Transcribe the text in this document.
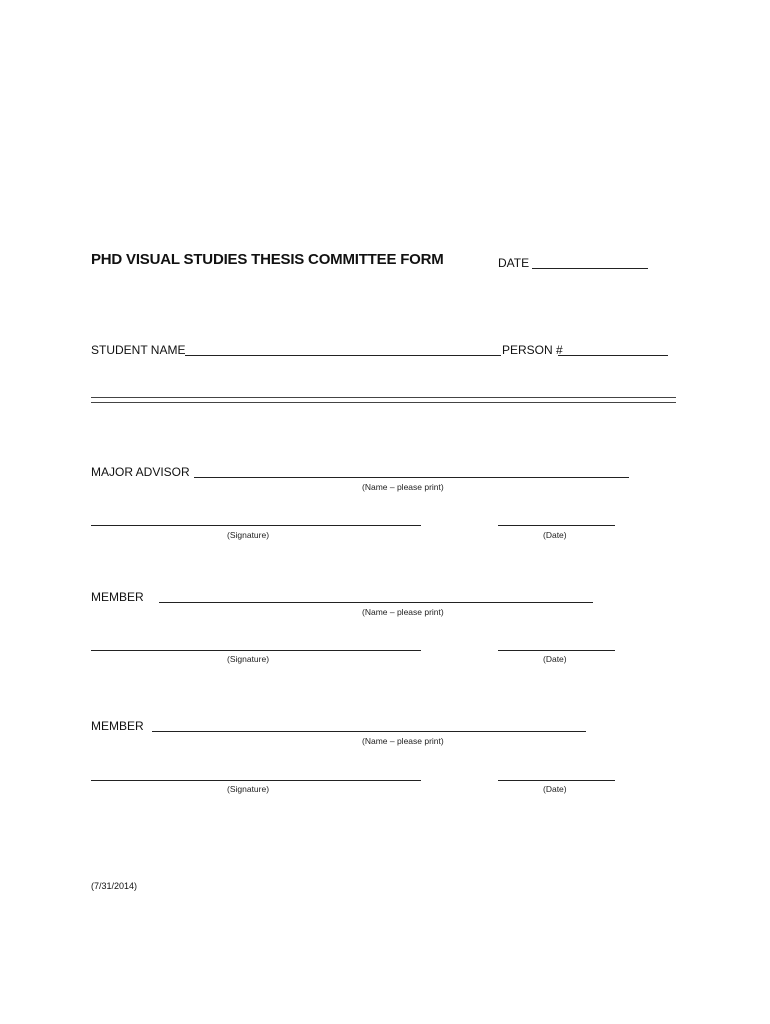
PHD VISUAL STUDIES THESIS COMMITTEE FORM	DATE
STUDENT NAME	PERSON #
MAJOR ADVISOR
(Name – please print)
(Signature)	(Date)
MEMBER
(Name – please print)
(Signature)	(Date)
MEMBER
(Name – please print)
(Signature)	(Date)
(7/31/2014)
